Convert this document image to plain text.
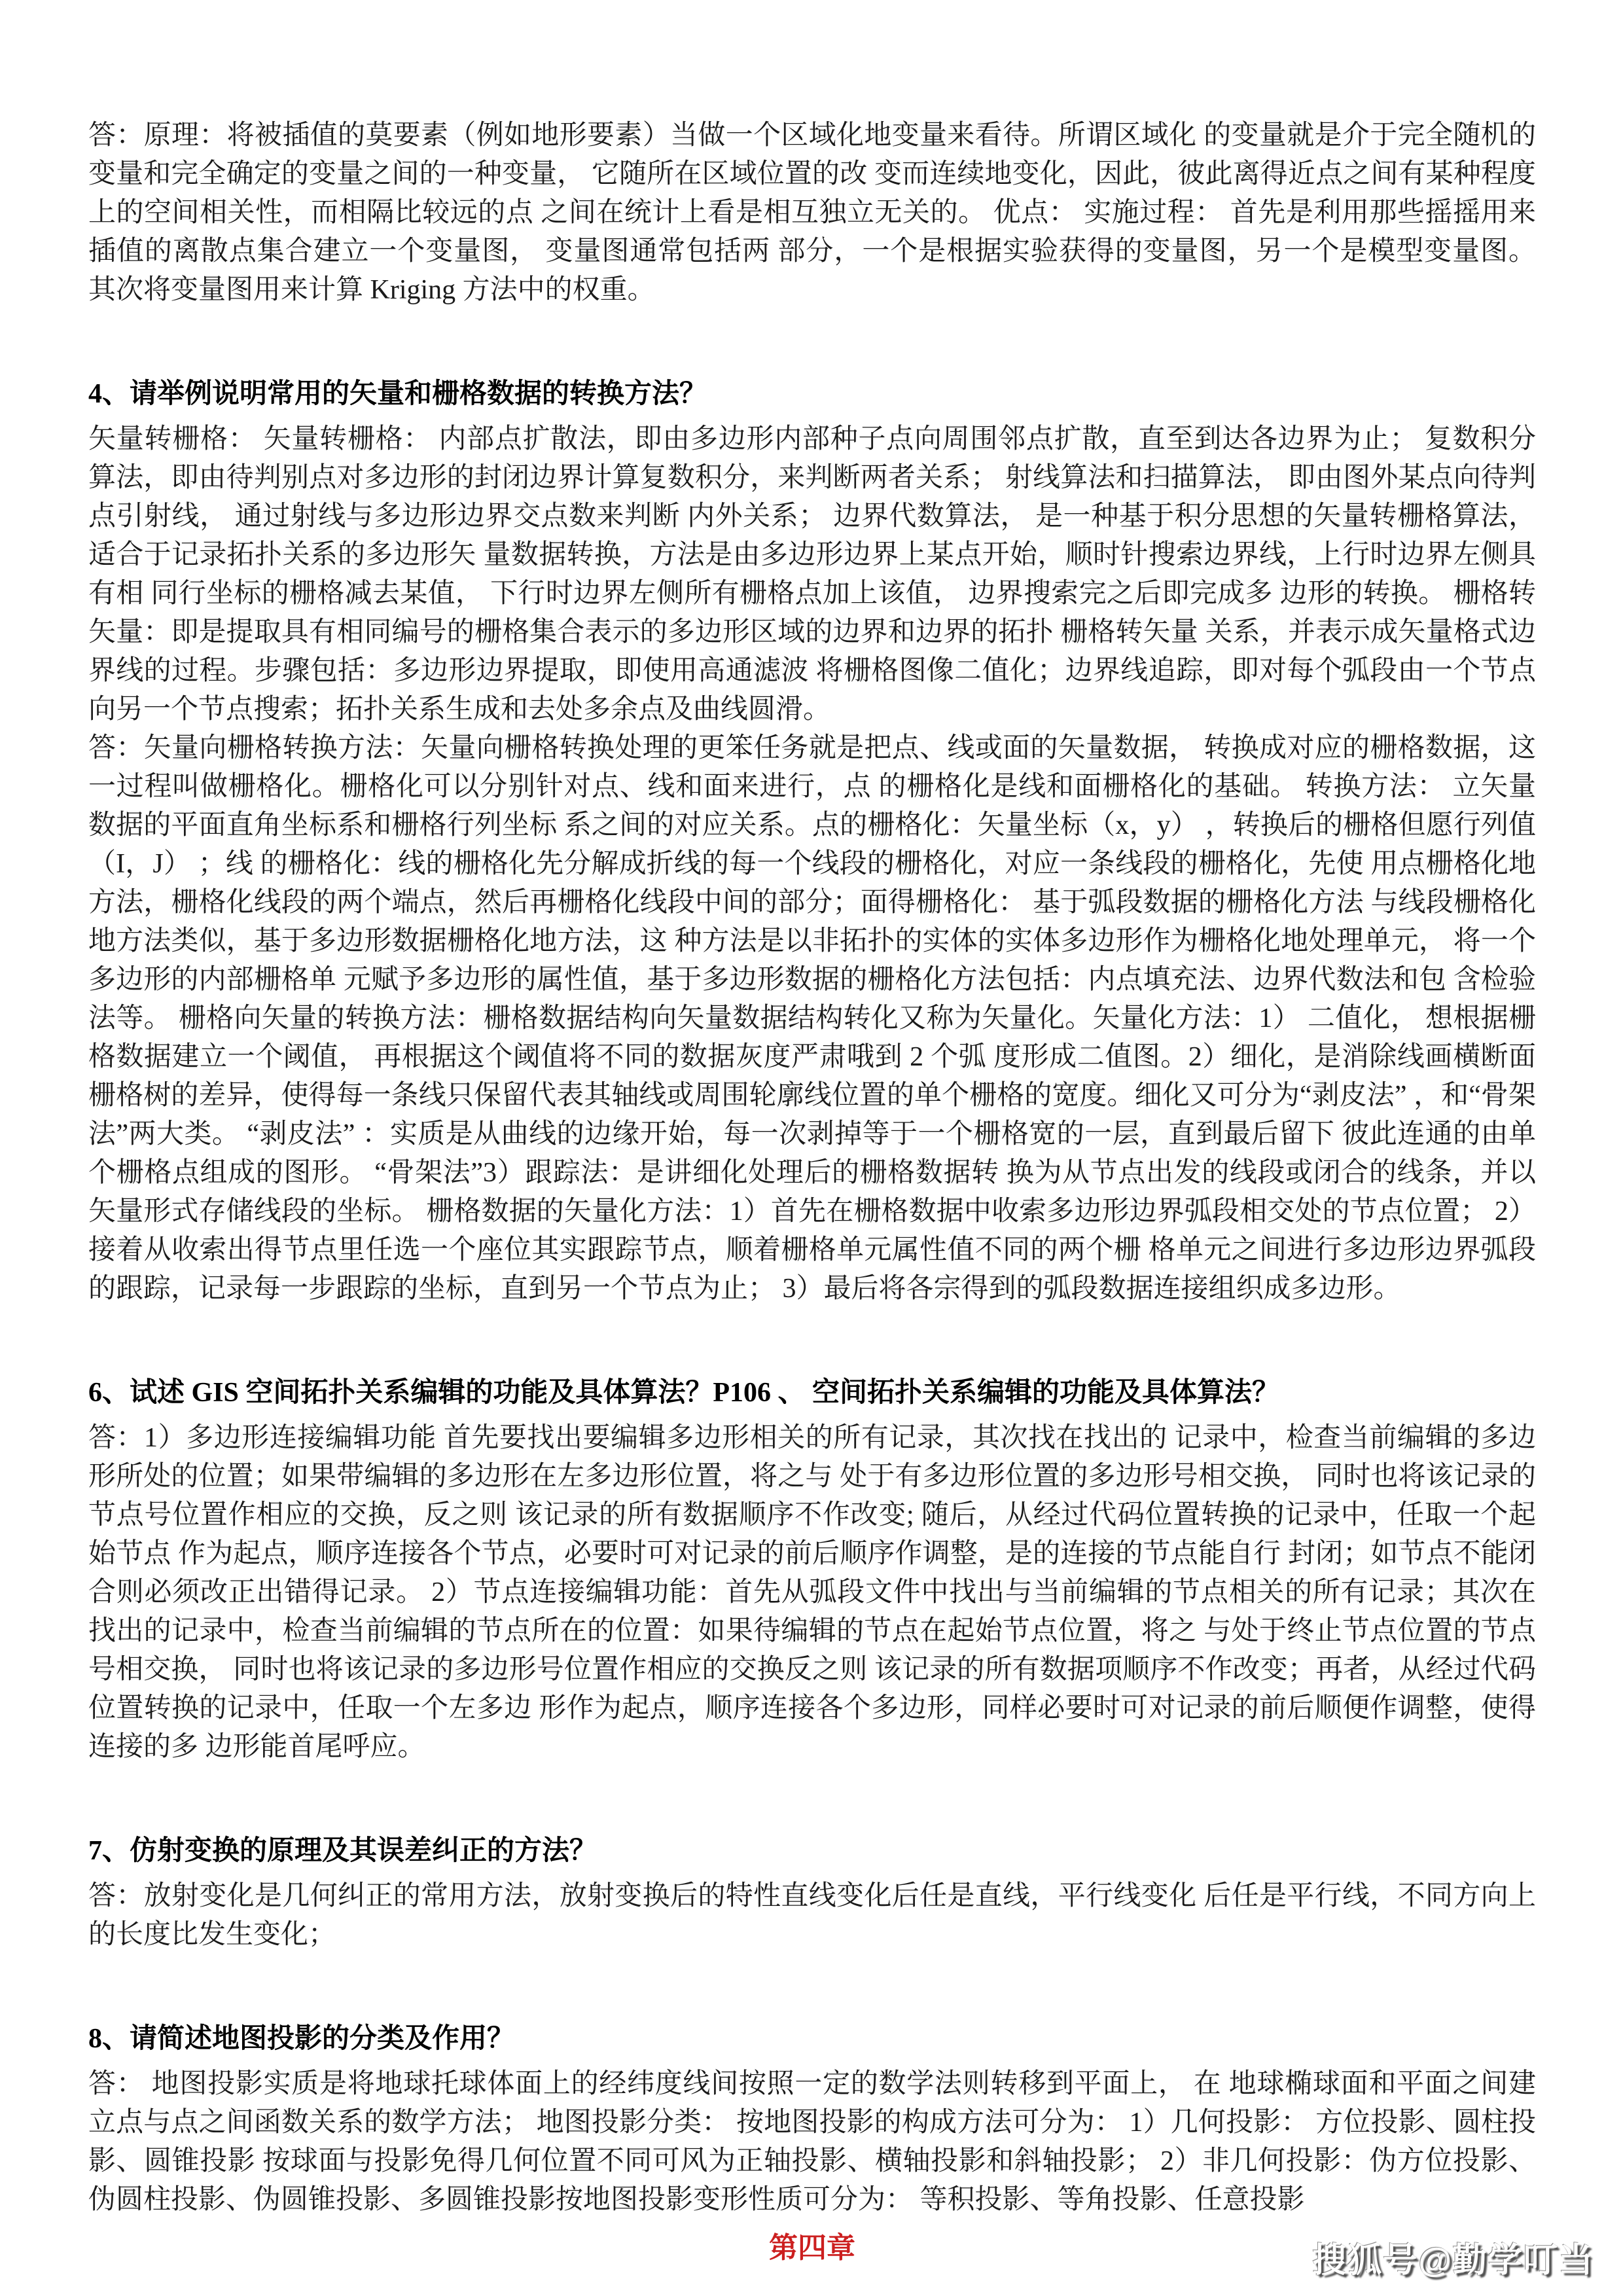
答：原理：将被插值的莫要素（例如地形要素）当做一个区域化地变量来看待。所谓区域化 的变量就是介于完全随机的变量和完全确定的变量之间的一种变量， 它随所在区域位置的改 变而连续地变化，因此，彼此离得近点之间有某种程度上的空间相关性，而相隔比较远的点 之间在统计上看是相互独立无关的。 优点： 实施过程： 首先是利用那些摇摇用来插值的离散点集合建立一个变量图， 变量图通常包括两 部分，一个是根据实验获得的变量图，另一个是模型变量图。 其次将变量图用来计算 Kriging 方法中的权重。

4、请举例说明常用的矢量和栅格数据的转换方法？

矢量转栅格： 矢量转栅格： 内部点扩散法，即由多边形内部种子点向周围邻点扩散，直至到达各边界为止； 复数积分算法，即由待判别点对多边形的封闭边界计算复数积分，来判断两者关系； 射线算法和扫描算法， 即由图外某点向待判点引射线， 通过射线与多边形边界交点数来判断 内外关系； 边界代数算法， 是一种基于积分思想的矢量转栅格算法， 适合于记录拓扑关系的多边形矢 量数据转换，方法是由多边形边界上某点开始，顺时针搜索边界线，上行时边界左侧具有相 同行坐标的栅格减去某值， 下行时边界左侧所有栅格点加上该值， 边界搜索完之后即完成多 边形的转换。 栅格转矢量：即是提取具有相同编号的栅格集合表示的多边形区域的边界和边界的拓扑 栅格转矢量 关系，并表示成矢量格式边界线的过程。步骤包括：多边形边界提取，即使用高通滤波 将栅格图像二值化；边界线追踪，即对每个弧段由一个节点向另一个节点搜索；拓扑关系生成和去处多余点及曲线圆滑。

答：矢量向栅格转换方法：矢量向栅格转换处理的更笨任务就是把点、线或面的矢量数据， 转换成对应的栅格数据，这一过程叫做栅格化。栅格化可以分别针对点、线和面来进行，点 的栅格化是线和面栅格化的基础。 转换方法： 立矢量数据的平面直角坐标系和栅格行列坐标 系之间的对应关系。点的栅格化：矢量坐标（x，y） ，转换后的栅格但愿行列值（I，J） ；线 的栅格化：线的栅格化先分解成折线的每一个线段的栅格化，对应一条线段的栅格化，先使 用点栅格化地方法，栅格化线段的两个端点，然后再栅格化线段中间的部分；面得栅格化： 基于弧段数据的栅格化方法 与线段栅格化地方法类似，基于多边形数据栅格化地方法，这 种方法是以非拓扑的实体的实体多边形作为栅格化地处理单元， 将一个多边形的内部栅格单 元赋予多边形的属性值，基于多边形数据的栅格化方法包括：内点填充法、边界代数法和包 含检验法等。 栅格向矢量的转换方法：栅格数据结构向矢量数据结构转化又称为矢量化。矢量化方法：1） 二值化， 想根据栅格数据建立一个阈值， 再根据这个阈值将不同的数据灰度严肃哦到 2 个弧 度形成二值图。2）细化，是消除线画横断面栅格树的差异，使得每一条线只保留代表其轴线或周围轮廓线位置的单个栅格的宽度。细化又可分为“剥皮法” ，和“骨架法”两大类。 “剥皮法” ：实质是从曲线的边缘开始，每一次剥掉等于一个栅格宽的一层，直到最后留下 彼此连通的由单个栅格点组成的图形。 “骨架法”3）跟踪法：是讲细化处理后的栅格数据转 换为从节点出发的线段或闭合的线条，并以矢量形式存储线段的坐标。 栅格数据的矢量化方法：1）首先在栅格数据中收索多边形边界弧段相交处的节点位置； 2）接着从收索出得节点里任选一个座位其实跟踪节点，顺着栅格单元属性值不同的两个栅 格单元之间进行多边形边界弧段的跟踪，记录每一步跟踪的坐标，直到另一个节点为止； 3）最后将各宗得到的弧段数据连接组织成多边形。

6、试述 GIS 空间拓扑关系编辑的功能及具体算法？P106 、 空间拓扑关系编辑的功能及具体算法？

答：1）多边形连接编辑功能 首先要找出要编辑多边形相关的所有记录，其次找在找出的 记录中，检查当前编辑的多边形所处的位置；如果带编辑的多边形在左多边形位置，将之与 处于有多边形位置的多边形号相交换， 同时也将该记录的节点号位置作相应的交换，反之则 该记录的所有数据顺序不作改变; 随后，从经过代码位置转换的记录中，任取一个起始节点 作为起点，顺序连接各个节点，必要时可对记录的前后顺序作调整，是的连接的节点能自行 封闭；如节点不能闭合则必须改正出错得记录。 2）节点连接编辑功能：首先从弧段文件中找出与当前编辑的节点相关的所有记录；其次在 找出的记录中，检查当前编辑的节点所在的位置：如果待编辑的节点在起始节点位置，将之 与处于终止节点位置的节点号相交换， 同时也将该记录的多边形号位置作相应的交换反之则 该记录的所有数据项顺序不作改变；再者，从经过代码位置转换的记录中，任取一个左多边 形作为起点，顺序连接各个多边形，同样必要时可对记录的前后顺便作调整，使得连接的多 边形能首尾呼应。

7、仿射变换的原理及其误差纠正的方法？

答：放射变化是几何纠正的常用方法，放射变换后的特性直线变化后任是直线，平行线变化 后任是平行线，不同方向上的长度比发生变化；

8、请简述地图投影的分类及作用？

答： 地图投影实质是将地球托球体面上的经纬度线间按照一定的数学法则转移到平面上， 在 地球椭球面和平面之间建立点与点之间函数关系的数学方法； 地图投影分类： 按地图投影的构成方法可分为： 1）几何投影： 方位投影、圆柱投影、圆锥投影 按球面与投影免得几何位置不同可风为正轴投影、横轴投影和斜轴投影； 2）非几何投影：伪方位投影、伪圆柱投影、伪圆锥投影、多圆锥投影按地图投影变形性质可分为： 等积投影、等角投影、任意投影

第四章	搜狐号@勤学叮当
